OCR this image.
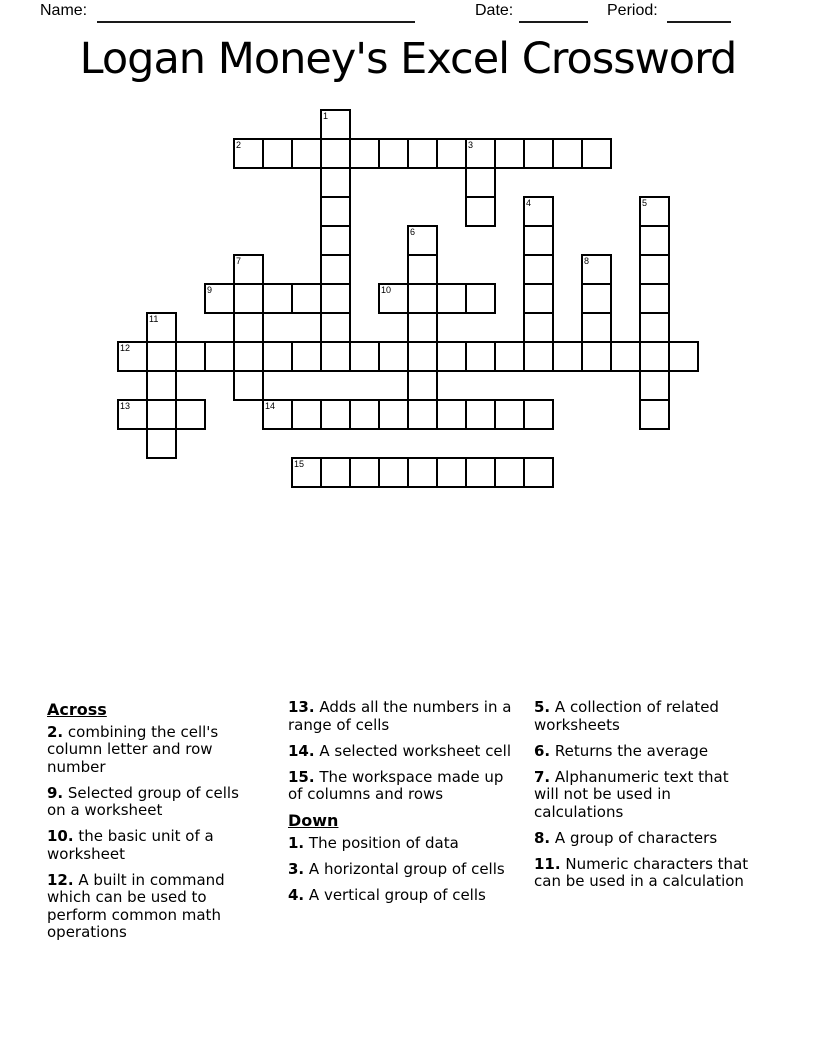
Name:	Date:	Period:
Logan Money's Excel Crossword
1
2	3
4	5
6
7	8
9	10
11
12
13	14
15
Across

2. combining the cell's column letter and row number

9. Selected group of cells on a worksheet

10. the basic unit of a worksheet

12. A built in command which can be used to perform common math operations

13. Adds all the numbers in a range of cells

14. A selected worksheet cell

15. The workspace made up of columns and rows

Down

1. The position of data

3. A horizontal group of cells

4. A vertical group of cells

5. A collection of related worksheets

6. Returns the average

7. Alphanumeric text that will not be used in calculations

8. A group of characters

11. Numeric characters that can be used in a calculation
